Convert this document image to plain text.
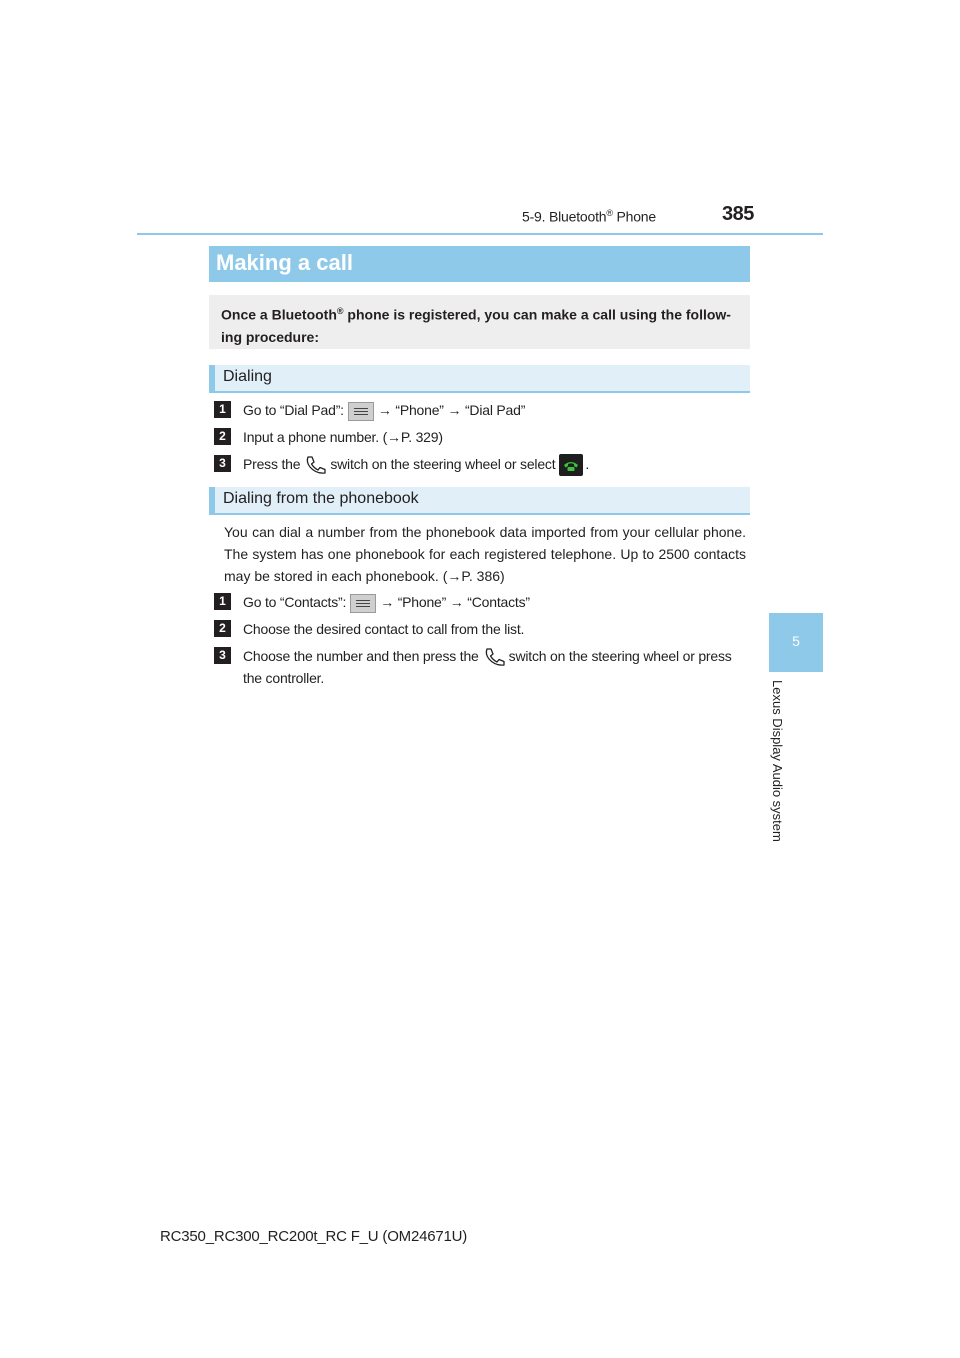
5-9. Bluetooth® Phone	385
5
Lexus Display Audio system
Making a call

Once a Bluetooth® phone is registered, you can make a call using the follow-ing procedure:

Dialing
1	Go to “Dial Pad”: → “Phone” → “Dial Pad”
2	Input a phone number. (→P. 329)
3	Press the switch on the steering wheel or select .
Dialing from the phonebook
You can dial a number from the phonebook data imported from your cellular phone. The system has one phonebook for each registered telephone. Up to 2500 contacts may be stored in each phonebook. (→P. 386)
1	Go to “Contacts”: → “Phone” → “Contacts”
2	Choose the desired contact to call from the list.
3	Choose the number and then press the switch on the steering wheel or press the controller.
RC350_RC300_RC200t_RC F_U (OM24671U)
